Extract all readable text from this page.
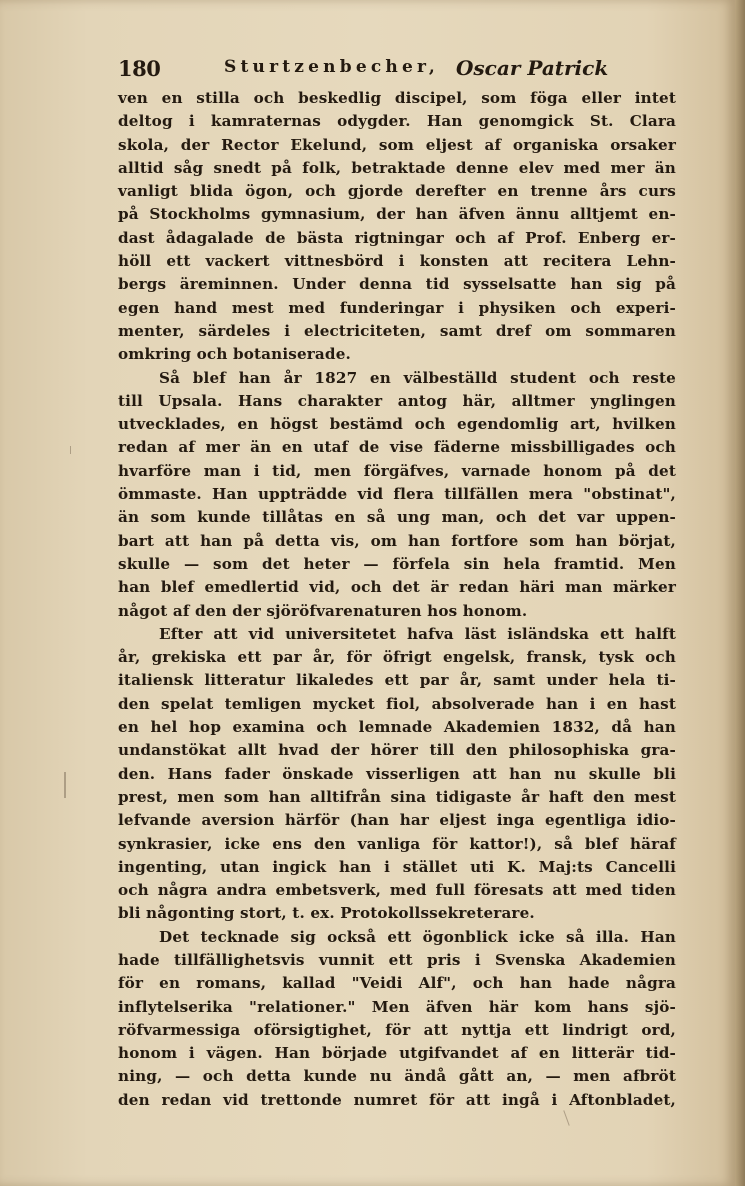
180	Sturtzenbecher, Oscar Patrick
ven en stilla och beskedlig discipel, som föga eller intet
deltog i kamraternas odygder. Han genomgick St. Clara
skola, der Rector Ekelund, som eljest af organiska orsaker
alltid såg snedt på folk, betraktade denne elev med mer än
vanligt blida ögon, och gjorde derefter en trenne års curs
på Stockholms gymnasium, der han äfven ännu alltjemt en-
dast ådagalade de bästa rigtningar och af Prof. Enberg er-
höll ett vackert vittnesbörd i konsten att recitera Lehn-
bergs äreminnen. Under denna tid sysselsatte han sig på
egen hand mest med funderingar i physiken och experi-
menter, särdeles i electriciteten, samt dref om sommaren
omkring och botaniserade.
Så blef han år 1827 en välbeställd student och reste
till Upsala. Hans charakter antog här, alltmer ynglingen
utvecklades, en högst bestämd och egendomlig art, hvilken
redan af mer än en utaf de vise fäderne missbilligades och
hvarföre man i tid, men förgäfves, varnade honom på det
ömmaste. Han uppträdde vid flera tillfällen mera "obstinat",
än som kunde tillåtas en så ung man, och det var uppen-
bart att han på detta vis, om han fortfore som han börjat,
skulle — som det heter — förfela sin hela framtid. Men
han blef emedlertid vid, och det är redan häri man märker
något af den der sjöröfvarenaturen hos honom.
Efter att vid universitetet hafva läst isländska ett halft
år, grekiska ett par år, för öfrigt engelsk, fransk, tysk och
italiensk litteratur likaledes ett par år, samt under hela ti-
den spelat temligen mycket fiol, absolverade han i en hast
en hel hop examina och lemnade Akademien 1832, då han
undanstökat allt hvad der hörer till den philosophiska gra-
den. Hans fader önskade visserligen att han nu skulle bli
prest, men som han alltifrån sina tidigaste år haft den mest
lefvande aversion härför (han har eljest inga egentliga idio-
synkrasier, icke ens den vanliga för kattor!), så blef häraf
ingenting, utan ingick han i stället uti K. Maj:ts Cancelli
och några andra embetsverk, med full föresats att med tiden
bli någonting stort, t. ex. Protokollssekreterare.
Det tecknade sig också ett ögonblick icke så illa. Han
hade tillfällighetsvis vunnit ett pris i Svenska Akademien
för en romans, kallad "Veidi Alf", och han hade några
inflytelserika "relationer." Men äfven här kom hans sjö-
röfvarmessiga oförsigtighet, för att nyttja ett lindrigt ord,
honom i vägen. Han började utgifvandet af en litterär tid-
ning, — och detta kunde nu ändå gått an, — men afbröt
den redan vid trettonde numret för att ingå i Aftonbladet,
